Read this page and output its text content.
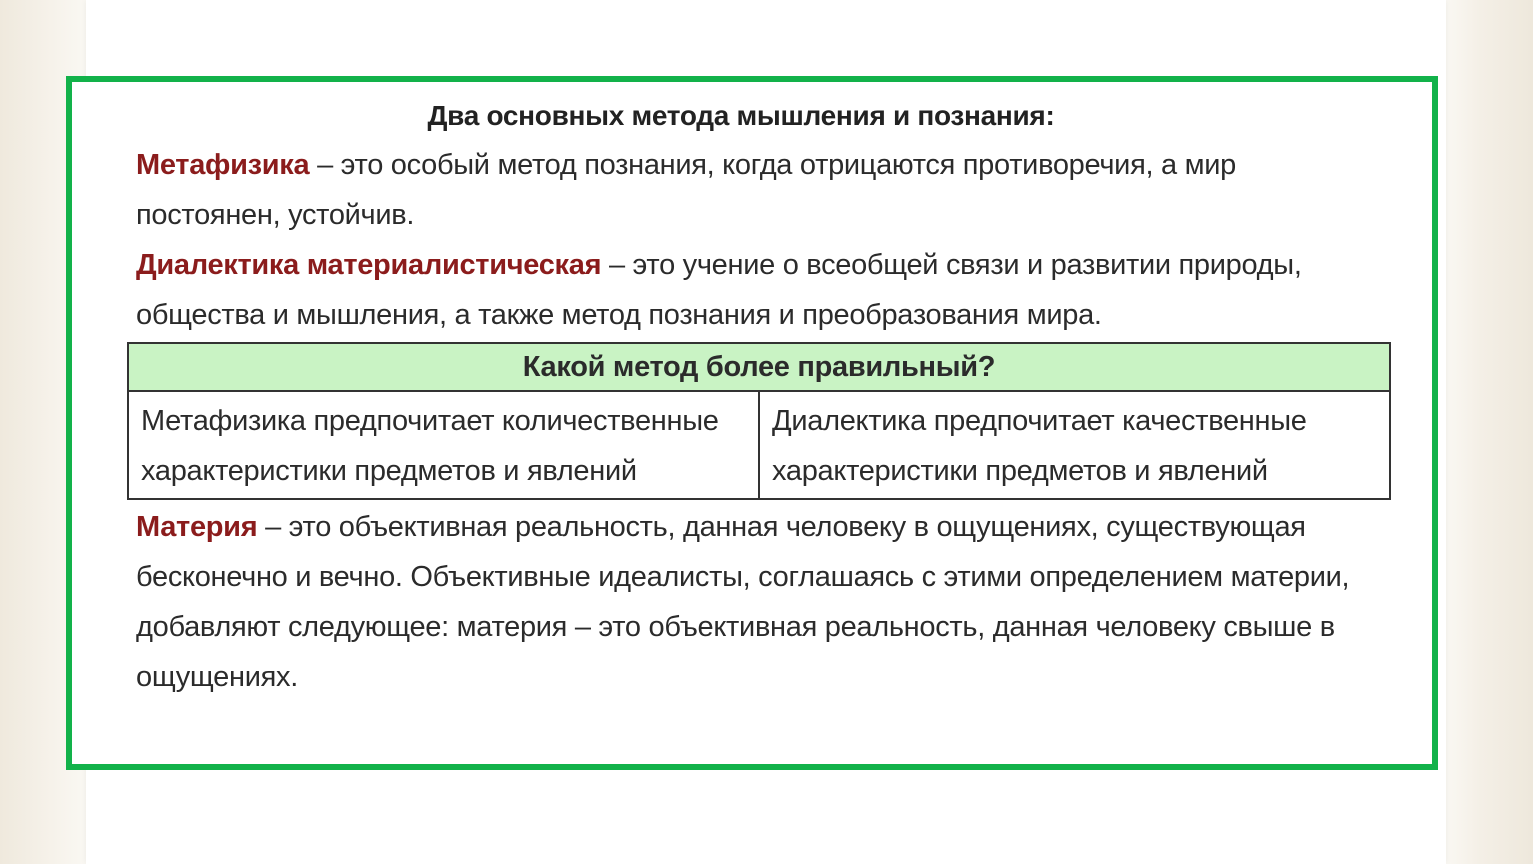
Два основных метода мышления и познания:

Метафизика – это особый метод познания, когда отрицаются противоречия, а мир постоянен, устойчив.

Диалектика материалистическая – это учение о всеобщей связи и развитии природы, общества и мышления, а также метод познания и преобразования мира.

Какой метод более правильный?
Метафизика предпочитает количественные характеристики предметов и явлений	Диалектика предпочитает качественные характеристики предметов и явлений

Материя – это объективная реальность, данная человеку в ощущениях, существующая бесконечно и вечно. Объективные идеалисты, соглашаясь с этими определением материи, добавляют следующее: материя – это объективная реальность, данная человеку свыше в ощущениях.
